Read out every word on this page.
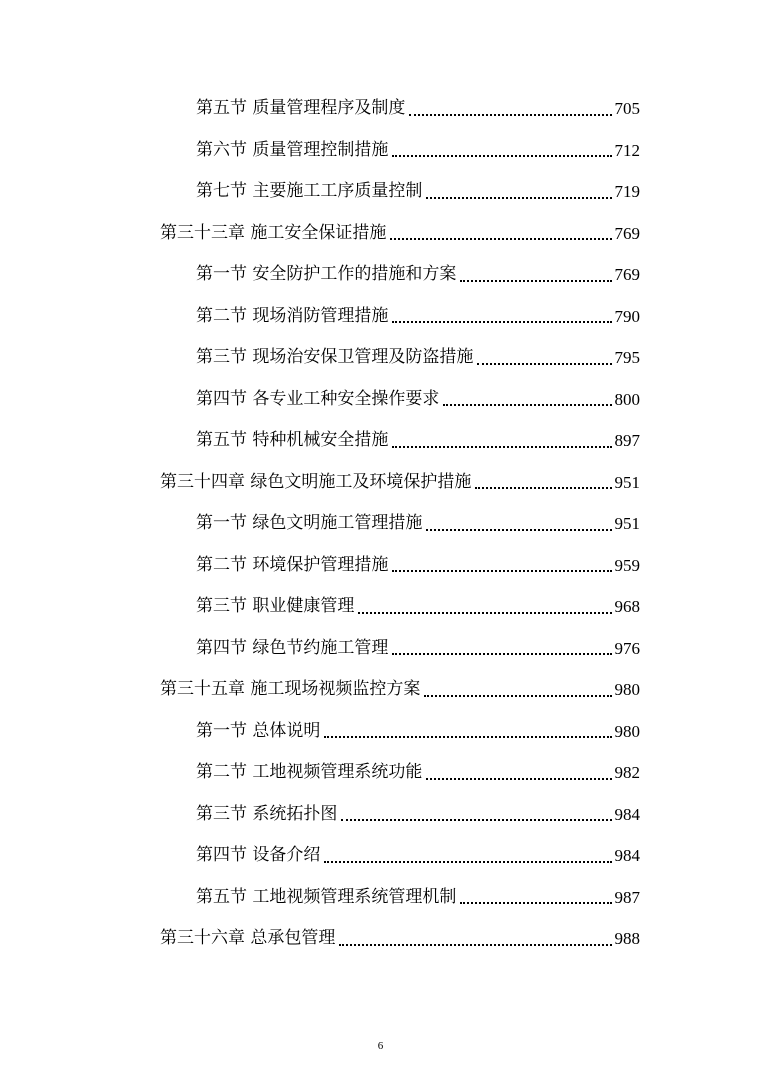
第五节 质量管理程序及制度	705
第六节 质量管理控制措施	712
第七节 主要施工工序质量控制	719
第三十三章 施工安全保证措施	769
第一节 安全防护工作的措施和方案	769
第二节 现场消防管理措施	790
第三节 现场治安保卫管理及防盗措施	795
第四节 各专业工种安全操作要求	800
第五节 特种机械安全措施	897
第三十四章 绿色文明施工及环境保护措施	951
第一节 绿色文明施工管理措施	951
第二节 环境保护管理措施	959
第三节 职业健康管理	968
第四节 绿色节约施工管理	976
第三十五章 施工现场视频监控方案	980
第一节 总体说明	980
第二节 工地视频管理系统功能	982
第三节 系统拓扑图	984
第四节 设备介绍	984
第五节 工地视频管理系统管理机制	987
第三十六章 总承包管理	988
6
